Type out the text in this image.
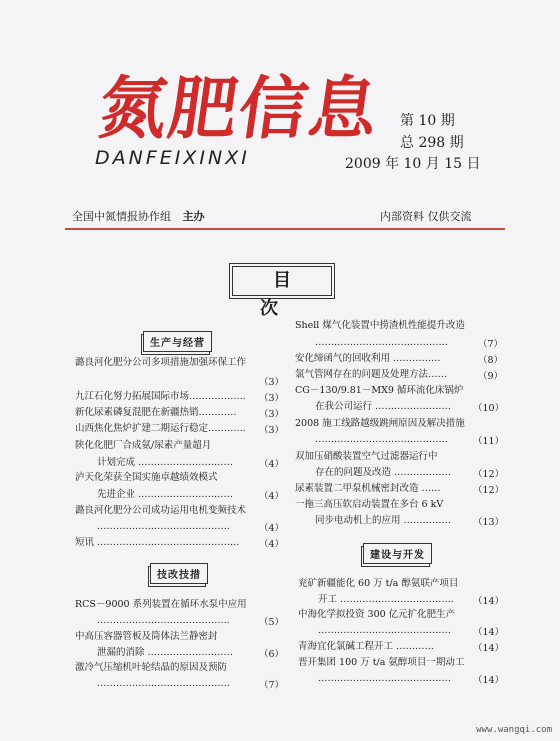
氮肥信息
DANFEIXINXI
第 10 期
总 298 期
2009 年 10 月 15 日
全国中氮情报协作组 主办	内部资料 仅供交流
目次
生产与经营
技改技措
建设与开发
潞良河化肥分公司多项措施加强环保工作
（3）
九江石化努力拓展国际市场……………… （3）
新化尿素磷复混肥在新疆热销………… （3）
山西焦化焦炉扩建二期运行稳定………… （3）
陕化化肥厂合成氨/尿素产量超月
计划完成 …………………………	（4）
泸天化荣获全国实施卓越绩效模式
先进企业 …………………………	（4）
潞良河化肥分公司成功运用电机变频技术
……………………………………	（4）
短讯 ……………………………………… （4）
RCS－9000 系列装置在循环水泵中应用
……………………………………	（5）
中高压容器管板及筒体法兰静密封
泄漏的消除 ………………………	（6）
激冷气压缩机叶轮结晶的原因及预防
……………………………………	（7）
Shell 煤气化装置中捞渣机性能提升改造
……………………………………	（7）
安化缔函气的回收利用 ……………	（8）
氯气管网存在的问题及处理方法……	（9）
CG－130/9.81－MX9 循环流化床锅炉
在我公司运行 …………………… （10）
2008 施工线路越级跳闸原因及解决措施
……………………………………	（11）
双加压硝酸装置空气过滤器运行中
存在的问题及改造 ……………… （12）
尿素装置二甲泵机械密封改造 ……	（12）
一拖三高压软启动装置在多台 6 kV
同步电动机上的应用 …………… （13）
兖矿新疆能化 60 万 t/a 醇氨联产项目
开工 ……………………………… （14）
中海化学拟投资 300 亿元扩化肥生产
…………………………………… （14）
青海宜化氯碱工程开工 …………	（14）
晋开集团 100 万 t/a 氨醇项目一期动工
…………………………………… （14）
www.wangqi.com
